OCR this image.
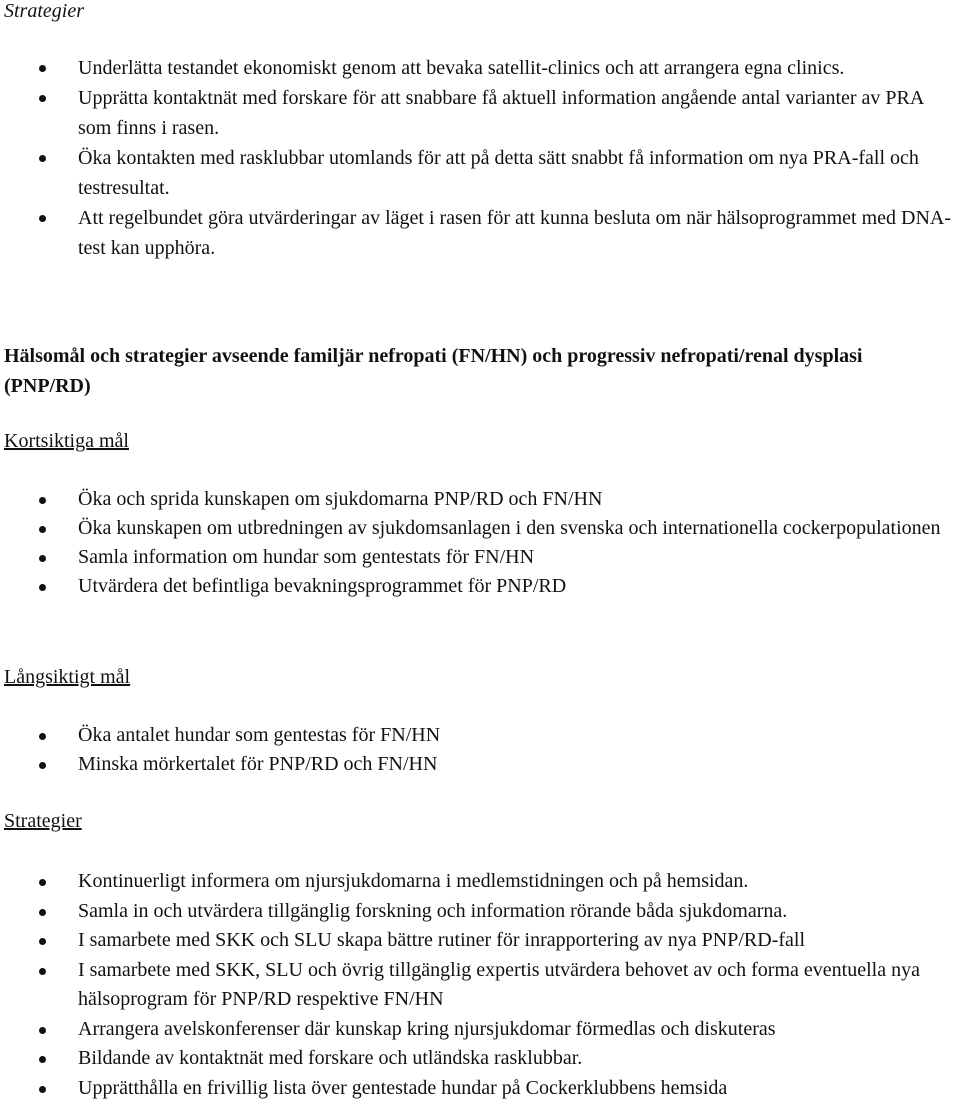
Strategier

Underlätta testandet ekonomiskt genom att bevaka satellit-clinics och att arrangera egna clinics.
Upprätta kontaktnät med forskare för att snabbare få aktuell information angående antal varianter av PRA som finns i rasen.
Öka kontakten med rasklubbar utomlands för att på detta sätt snabbt få information om nya PRA-fall och testresultat.
Att regelbundet göra utvärderingar av läget i rasen för att kunna besluta om när hälsoprogrammet med DNA-test kan upphöra.

Hälsomål och strategier avseende familjär nefropati (FN/HN) och progressiv nefropati/renal dysplasi (PNP/RD)

Kortsiktiga mål

Öka och sprida kunskapen om sjukdomarna PNP/RD och FN/HN
Öka kunskapen om utbredningen av sjukdomsanlagen i den svenska och internationella cockerpopulationen
Samla information om hundar som gentestats för FN/HN
Utvärdera det befintliga bevakningsprogrammet för PNP/RD

Långsiktigt mål

Öka antalet hundar som gentestas för FN/HN
Minska mörkertalet för PNP/RD och FN/HN

Strategier

Kontinuerligt informera om njursjukdomarna i medlemstidningen och på hemsidan.
Samla in och utvärdera tillgänglig forskning och information rörande båda sjukdomarna.
I samarbete med SKK och SLU skapa bättre rutiner för inrapportering av nya PNP/RD-fall
I samarbete med SKK, SLU och övrig tillgänglig expertis utvärdera behovet av och forma eventuella nya hälsoprogram för PNP/RD respektive FN/HN
Arrangera avelskonferenser där kunskap kring njursjukdomar förmedlas och diskuteras
Bildande av kontaktnät med forskare och utländska rasklubbar.
Upprätthålla en frivillig lista över gentestade hundar på Cockerklubbens hemsida
